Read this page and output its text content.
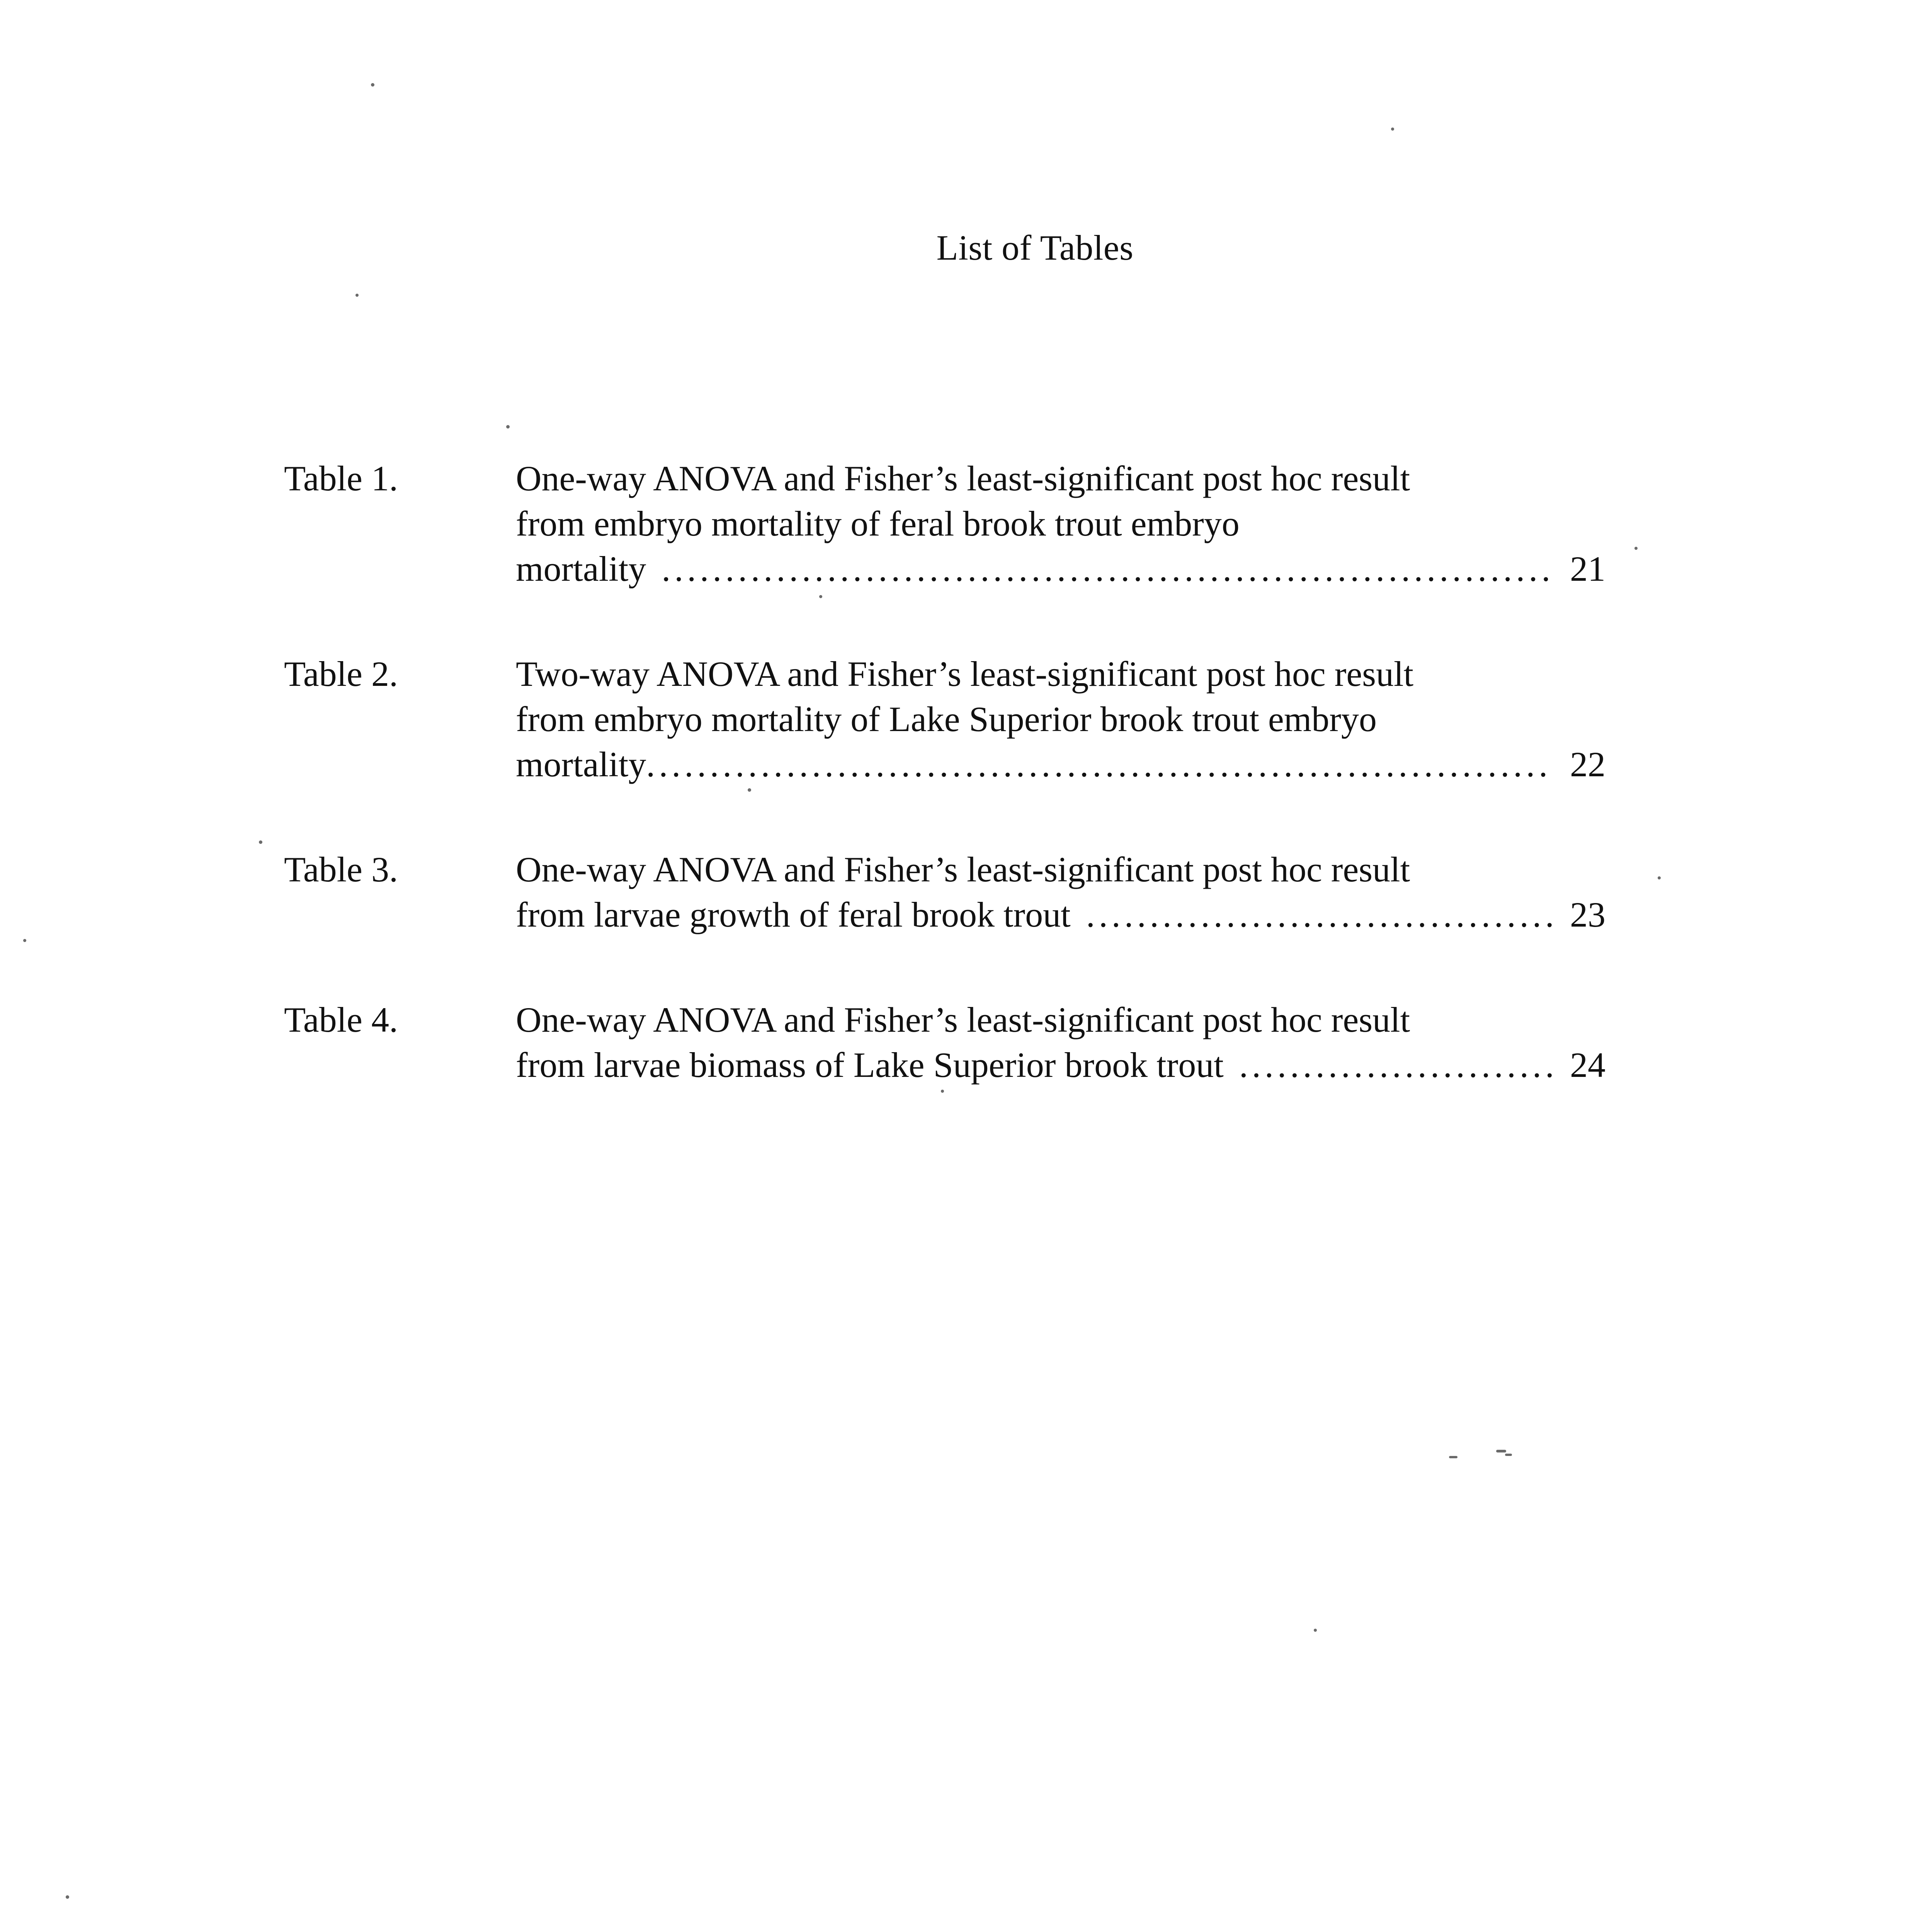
List of Tables
Table 1.	One-way ANOVA and Fisher’s least-significant post hoc result
from embryo mortality of feral brook trout embryo
mortality .....	21
Table 2.	Two-way ANOVA and Fisher’s least-significant post hoc result
from embryo mortality of Lake Superior brook trout embryo
mortality .....	22
Table 3.	One-way ANOVA and Fisher’s least-significant post hoc result
from larvae growth of feral brook trout .....	23
Table 4.	One-way ANOVA and Fisher’s least-significant post hoc result
from larvae biomass of Lake Superior brook trout .....	24
